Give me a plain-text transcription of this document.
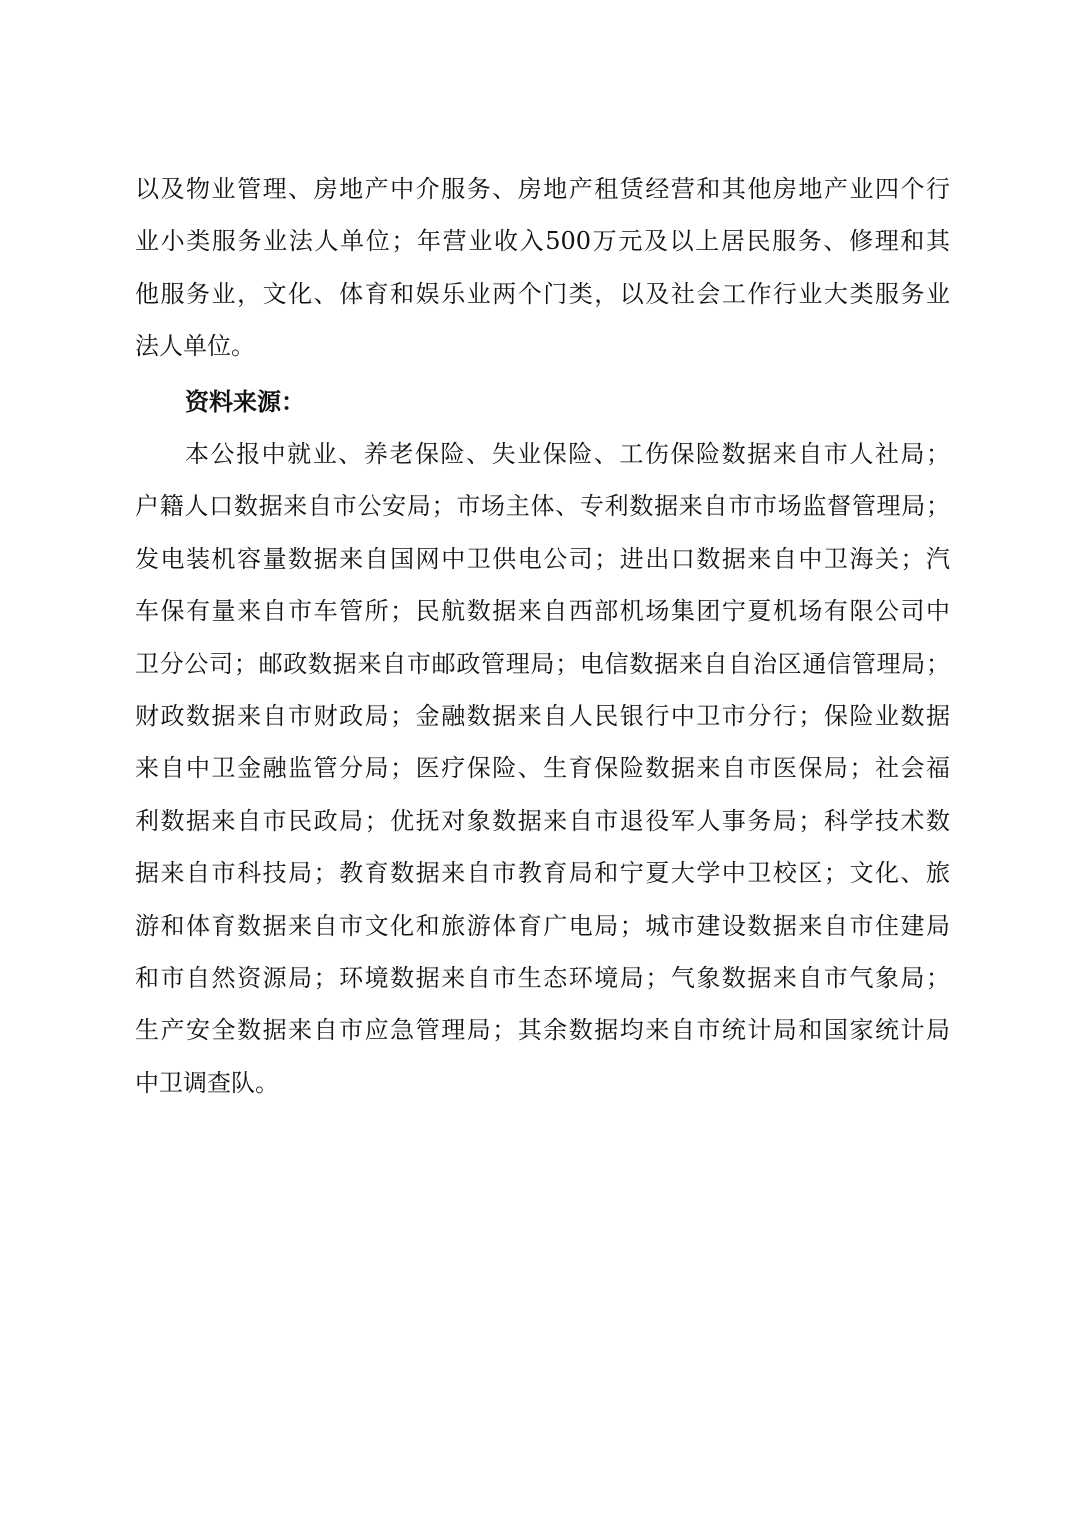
以及物业管理、房地产中介服务、房地产租赁经营和其他房地产业四个行
业小类服务业法人单位；年营业收入500万元及以上居民服务、修理和其
他服务业，文化、体育和娱乐业两个门类，以及社会工作行业大类服务业
法人单位。
资料来源：
本公报中就业、养老保险、失业保险、工伤保险数据来自市人社局；
户籍人口数据来自市公安局；市场主体、专利数据来自市市场监督管理局；
发电装机容量数据来自国网中卫供电公司；进出口数据来自中卫海关；汽
车保有量来自市车管所；民航数据来自西部机场集团宁夏机场有限公司中
卫分公司；邮政数据来自市邮政管理局；电信数据来自自治区通信管理局；
财政数据来自市财政局；金融数据来自人民银行中卫市分行；保险业数据
来自中卫金融监管分局；医疗保险、生育保险数据来自市医保局；社会福
利数据来自市民政局；优抚对象数据来自市退役军人事务局；科学技术数
据来自市科技局；教育数据来自市教育局和宁夏大学中卫校区；文化、旅
游和体育数据来自市文化和旅游体育广电局；城市建设数据来自市住建局
和市自然资源局；环境数据来自市生态环境局；气象数据来自市气象局；
生产安全数据来自市应急管理局；其余数据均来自市统计局和国家统计局
中卫调查队。
